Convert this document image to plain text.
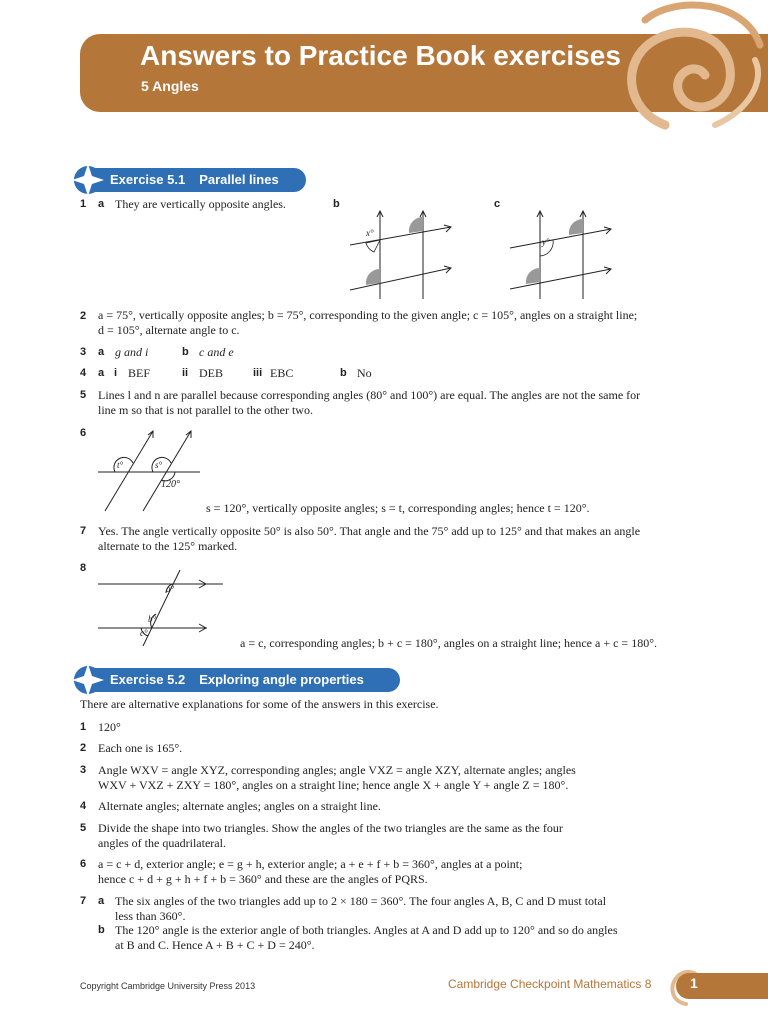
Answers to Practice Book exercises
5 Angles
Exercise 5.1 Parallel lines
1 a They are vertically opposite angles.	b	c
x°
y°
2 a = 75°, vertically opposite angles; b = 75°, corresponding to the given angle; c = 105°, angles on a straight line;
d = 105°, alternate angle to c.
3 a g and i	b c and e
4 a i BEF	ii DEB	iii EBC	b No
5 Lines l and n are parallel because corresponding angles (80° and 100°) are equal. The angles are not the same for
line m so that is not parallel to the other two.
6
t°	s°
120°
s = 120°, vertically opposite angles; s = t, corresponding angles; hence t = 120°.
7 Yes. The angle vertically opposite 50° is also 50°. That angle and the 75° add up to 125° and that makes an angle
alternate to the 125° marked.
8
a°
b°
c°
a = c, corresponding angles; b + c = 180°, angles on a straight line; hence a + c = 180°.
Exercise 5.2 Exploring angle properties
There are alternative explanations for some of the answers in this exercise.
1 120°
2 Each one is 165°.
3 Angle WXV = angle XYZ, corresponding angles; angle VXZ = angle XZY, alternate angles; angles
WXV + VXZ + ZXY = 180°, angles on a straight line; hence angle X + angle Y + angle Z = 180°.
4 Alternate angles; alternate angles; angles on a straight line.
5 Divide the shape into two triangles. Show the angles of the two triangles are the same as the four
angles of the quadrilateral.
6 a = c + d, exterior angle; e = g + h, exterior angle; a + e + f + b = 360°, angles at a point;
hence c + d + g + h + f + b = 360° and these are the angles of PQRS.
7 a The six angles of the two triangles add up to 2 × 180 = 360°. The four angles A, B, C and D must total
less than 360°.
b The 120° angle is the exterior angle of both triangles. Angles at A and D add up to 120° and so do angles
at B and C. Hence A + B + C + D = 240°.
Copyright Cambridge University Press 2013	Cambridge Checkpoint Mathematics 8	1
